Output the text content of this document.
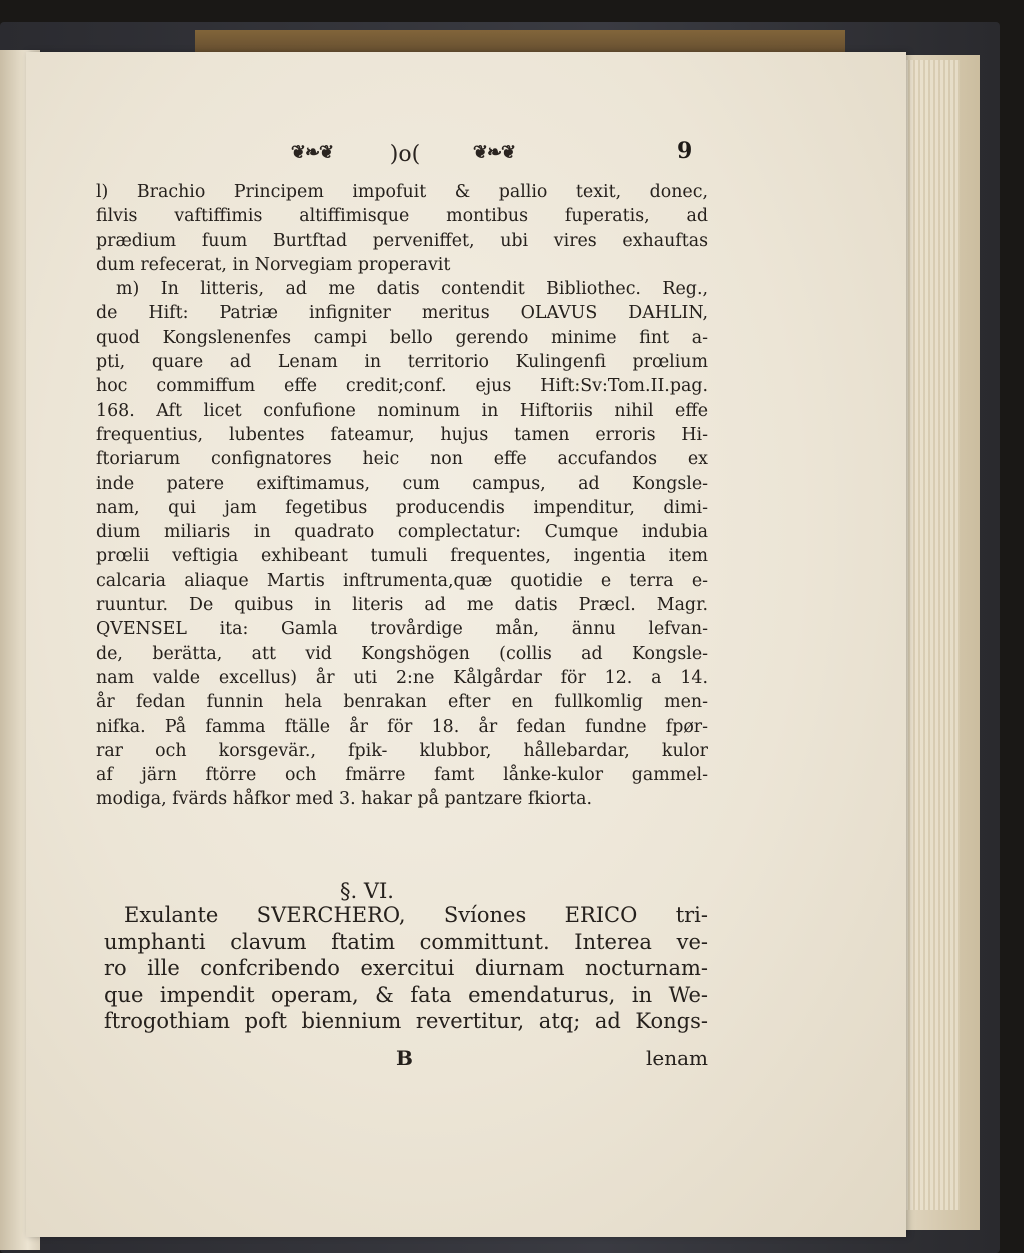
❦❧❦	)o(	❦❧❦	9
l) Brachio Principem impofuit & pallio texit, donec,
filvis vaftiffimis altiffimisque montibus fuperatis, ad
prædium fuum Burtftad perveniffet, ubi vires exhauftas
dum refecerat, in Norvegiam properavit
m) In litteris, ad me datis contendit Bibliothec. Reg.,
de Hift: Patriæ infigniter meritus OLAVUS DAHLIN,
quod Kongslenenfes campi bello gerendo minime fint a-
pti, quare ad Lenam in territorio Kulingenfi prœlium
hoc commiffum effe credit;conf. ejus Hift:Sv:Tom.II.pag.
168. Aft licet confufione nominum in Hiftoriis nihil effe
frequentius, lubentes fateamur, hujus tamen erroris Hi-
ftoriarum confignatores heic non effe accufandos ex
inde patere exiftimamus, cum campus, ad Kongsle-
nam, qui jam fegetibus producendis impenditur, dimi-
dium miliaris in quadrato complectatur: Cumque indubia
prœlii veftigia exhibeant tumuli frequentes, ingentia item
calcaria aliaque Martis inftrumenta,quæ quotidie e terra e-
ruuntur. De quibus in literis ad me datis Præcl. Magr.
QVENSEL ita: Gamla trovårdige mån, ännu lefvan-
de, berätta, att vid Kongshögen (collis ad Kongsle-
nam valde excellus) år uti 2:ne Kålgårdar för 12. a 14.
år fedan funnin hela benrakan efter en fullkomlig men-
nifka. På famma ftälle år för 18. år fedan fundne fpør-
rar och korsgevär., fpik- klubbor, hållebardar, kulor
af järn ftörre och fmärre famt lånke-kulor gammel-
modiga, fvärds håfkor med 3. hakar på pantzare fkiorta.
§. VI.
Exulante SVERCHERO, Svíones ERICO tri-
umphanti clavum ftatim committunt. Interea ve-
ro ille confcribendo exercitui diurnam nocturnam-
que impendit operam, & fata emendaturus, in We-
ftrogothiam poft biennium revertitur, atq; ad Kongs-
B	lenam
